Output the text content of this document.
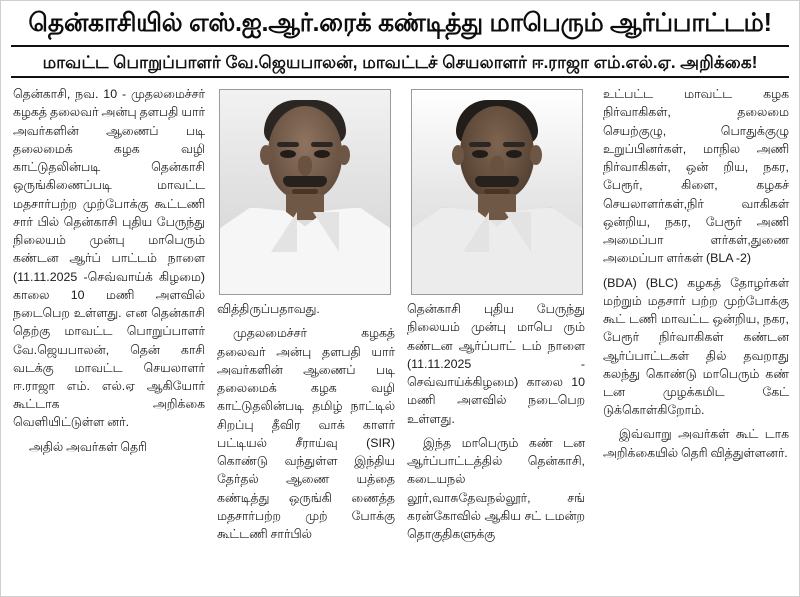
தென்காசியில் எஸ்.ஐ.ஆர்.ரைக் கண்டித்து மாபெரும் ஆர்ப்பாட்டம்!
மாவட்ட பொறுப்பாளர் வே.ஜெயபாலன், மாவட்டச் செயலாளர் ஈ.ராஜா எம்.எல்.ஏ. அறிக்கை!

தென்காசி, நவ. 10 - முதலமைச்சர் கழகத் தலைவர் அன்பு தளபதி யார் அவர்களின் ஆணைப் படி தலைமைக் கழக வழி காட்டுதலின்படி தென்காசி ஒருங்கிணைப்படி மாவட்ட மதசார்பற்ற முற்போக்கு கூட்டணி சார் பில் தென்காசி புதிய பேருந்து நிலையம் முன்பு மாபெரும் கண்டன ஆர்ப் பாட்டம் நாளை (11.11.2025 -செவ்வாய்க் கிழமை) காலை 10 மணி அளவில் நடைபெற உள்ளது. என தென்காசி தெற்கு மாவட்ட பொறுப்பாளர் வே.ஜெயபாலன், தென் காசி வடக்கு மாவட்ட செயலாளர் ஈ.ராஜா எம். எல்.ஏ ஆகியோர் கூட்டாக அறிக்கை வெளியிட்டுள்ள னர்.

அதில் அவர்கள் தெரி

வித்திருப்பதாவது.

முதலமைச்சர் கழகத் தலைவர் அன்பு தளபதி யார் அவர்களின் ஆணைப் படி தலைமைக் கழக வழி காட்டுதலின்படி தமிழ் நாட்டில் சிறப்பு தீவிர வாக் காளர் பட்டியல் சீராய்வு (SIR) கொண்டு வந்துள்ள இந்திய தேர்தல் ஆணை யத்தை கண்டித்து ஒருங்கி ணைத்த மதசார்பற்ற முற் போக்கு கூட்டணி சார்பில்

தென்காசி புதிய பேருந்து நிலையம் முன்பு மாபெ ரும் கண்டன ஆர்ப்பாட் டம் நாளை (11.11.2025 - செவ்வாய்க்கிழமை) காலை 10 மணி அளவில் நடைபெற உள்ளது.

இந்த மாபெரும் கண் டன ஆர்ப்பாட்டத்தில் தென்காசி, கடையநல் லூர்,வாசுதேவநல்லூர், சங் கரன்கோவில் ஆகிய சட் டமன்ற தொகுதிகளுக்கு

உட்பட்ட மாவட்ட கழக நிர்வாகிகள், தலைமை செயற்குழு, பொதுக்குழு உறுப்பினர்கள், மாநில அணி நிர்வாகிகள், ஒன் றிய, நகர, பேரூர், கிளை, கழகச் செயலாளர்கள்,நிர் வாகிகள் ஒன்றிய, நகர, பேரூர் அணி அமைப்பா ளர்கள்,துணை அமைப்பா ளர்கள் (BLA -2)

(BDA) (BLC) கழகத் தோழர்கள் மற்றும் மதசார் பற்ற முற்போக்கு கூட் டணி மாவட்ட ஒன்றிய, நகர, பேரூர் நிர்வாகிகள் கண்டன ஆர்ப்பாட்டகள் தில் தவறாது கலந்து கொண்டு மாபெரும் கண் டன முழக்கமிட கேட் டுக்கொள்கிறோம்.

இவ்வாறு அவர்கள் கூட் டாக அறிக்கையில் தெரி வித்துள்ளனர்.
